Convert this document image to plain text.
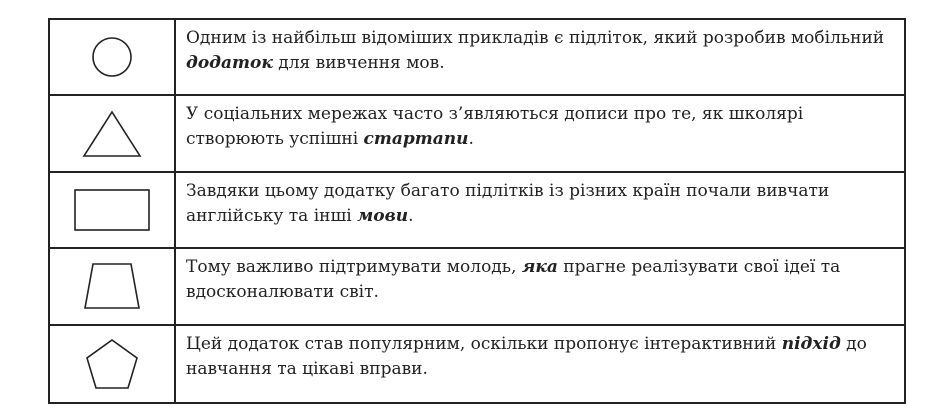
Одним із найбільш відоміших прикладів є підліток, який розробив мобільний додаток для вивчення мов.
У соціальних мережах часто з’являються дописи про те, як школярі створюють успішні стартапи.
Завдяки цьому додатку багато підлітків із різних країн почали вивчати англійську та інші мови.
Тому важливо підтримувати молодь, яка прагне реалізувати свої ідеї та вдосконалювати світ.
Цей додаток став популярним, оскільки пропонує інтерактивний підхід до навчання та цікаві вправи.
